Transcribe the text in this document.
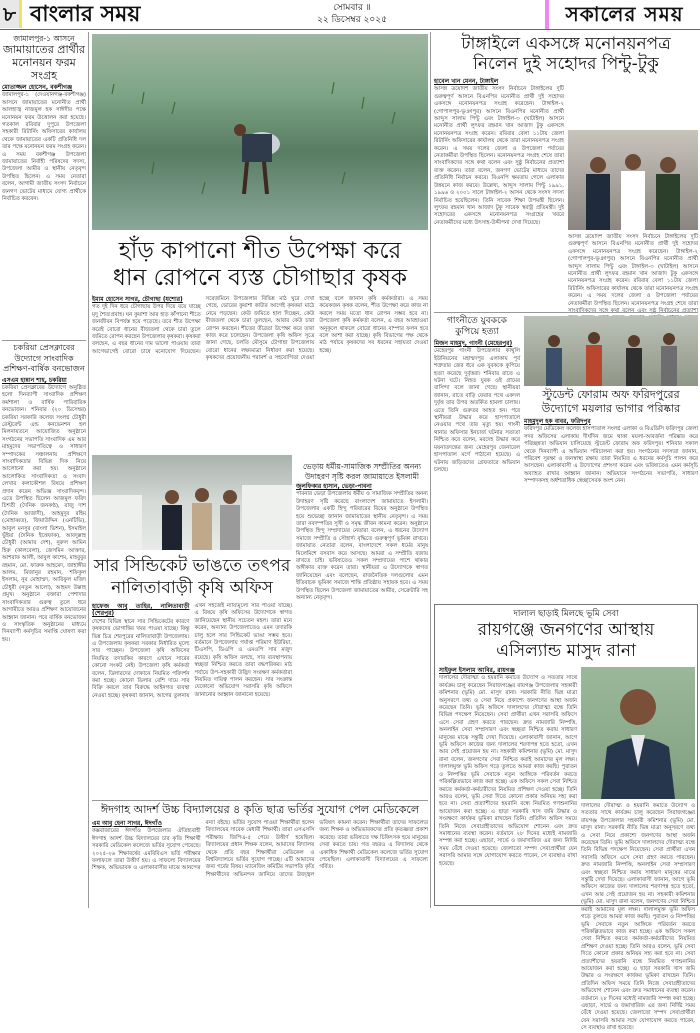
৮ বাংলার সময়	সোমবার ॥
২২ ডিসেম্বর ২০২৫	সকালের সময়
জামালপুর-১ আসনে
জামায়াতের প্রার্থীর মনোনয়ন ফরম সংগ্রহ
মোতাজ্জল হোসেন, বকশীগঞ্জ
জামালপুর-১ (দেওয়ানগঞ্জ-বকশীগঞ্জ) আসনে জামায়াতের মনোনীত প্রার্থী আলহাজ্ব নাজমুল হক সাঈদীর পক্ষে মনোনয়ন ফরম উত্তোলন করা হয়েছে। গতকাল রবিবার দুপুরে উপজেলা সহকারী রিটার্নিং অফিসারের কার্যালয় থেকে জামায়াতের একটি প্রতিনিধি দল তার পক্ষে মনোনয়ন ফরম সংগ্রহ করেন। এ সময় বকশীগঞ্জ উপজেলা জামায়াতের নির্বাহী পরিষদের সদস্য, উপজেলা আমীর ও স্থানীয় নেতৃবৃন্দ উপস্থিত ছিলেন। এ সময় নেতারা বলেন, আগামী জাতীয় সংসদ নির্বাচনে জনগণ ভোটের মাধ্যমে যোগ্য প্রার্থীকে নির্বাচিত করবেন।
চকরিয়া প্রেসক্লাবের উদ্যোগে সাংবাদিক প্রশিক্ষণ-বার্ষিক বনভোজন
এসএম হান্নান শাহ, চকরিয়া
চকরিয়া প্রেসক্লাবের উদ্যোগে অনুষ্ঠিত হলো দিনব্যাপী সাংবাদিক প্রশিক্ষণ কর্মশালা ও বার্ষিক পারিবারিক বনভোজন। শনিবার (২০ ডিসেম্বর) চকরিয়া সরকারি কলেজ সংলগ্ন চৌধুরী রেস্টুরেন্ট এন্ড কনভেনশন হল মিলনায়তনে আয়োজিত অনুষ্ঠানে সংগঠনের সভাপতি সাংবাদিক এম আর মাহমুদের সভাপতিত্বে ও সাধারণ সম্পাদকের সঞ্চালনায় প্রশিক্ষণে সাংবাদিকতার বিভিন্ন দিক নিয়ে আলোচনা করা হয়। অনুষ্ঠানে আলোকিত সাংবাদিকতা ও সংবাদ লেখার কলাকৌশল বিষয়ে প্রশিক্ষণ প্রদান করেন অভিজ্ঞ সাংবাদিকবৃন্দ। এতে উপস্থিত ছিলেন আজমুল ফরিদ চিশতী (দৈনিক জনকণ্ঠ), রাজু দাশ (দৈনিক আজাদী), আহমুদুর রহিম (মোহাব্বত), জিয়াউদ্দিন (এনটিভি), আবুল মনসুর (বাংলা ভিশন), ইসমাইল ভুঁইয়া (দৈনিক ইত্তেফাক), আবদুল্লাহ চৌধুরী (আমার দেশ), নুরুল আমিন হিরু (কালবেলা), জেসমিন আক্তার, আশরাফ আলী, আবুল কাশেম, মাহবুবুর রহমান, মো. ফারুক আহমেদ, জাহাঙ্গীর আলম, মিজানুর রহমান, শফিকুল ইসলাম, নুর মোহাম্মদ, আরিফুল মজিদ চৌধুরী (নতুন আলো), আহমদ উল্লাহ প্রমুখ। অনুষ্ঠানে বক্তারা পেশাদার সাংবাদিকতার গুরুত্ব তুলে ধরে আগামীতে আরও প্রশিক্ষণ আয়োজনের আহ্বান জানান। পরে বার্ষিক বনভোজন ও সাংস্কৃতিক অনুষ্ঠানের মাধ্যমে দিনব্যাপী কর্মসূচির সমাপ্তি ঘোষণা করা হয়।
হাঁড় কাপানো শীত উপেক্ষা করে
ধান রোপনে ব্যস্ত চৌগাছার কৃষক
ইমাম হোসেন সাগর, চৌগাছা (যশোর)
গত দুই দিন ধরে চৌগাছায় উপর দিয়ে বয়ে যাচ্ছে মৃদু শৈত্যপ্রবাহ। ঘন কুয়াশা আর হাড় কাঁপানো শীতে জনজীবন বিপর্যস্ত হয়ে পড়েছে। তবে শীত উপেক্ষা করেই বোরো ধানের বীজতলা থেকে চারা তুলে জমিতে রোপন করছেন উপজেলার কৃষকরা। কৃষকরা বলছেন, এ বছর ধানের দাম ভালো পাওয়ায় তারা আগেভাগেই বোরো চাষে মনোযোগ দিয়েছেন। সরেজমিনে উপজেলার বিভিন্ন মাঠ ঘুরে দেখা গেছে, ভোরের কুয়াশা কাটার আগেই কৃষকরা মাঠে নেমে পড়ছেন। কেউ জমিতে হাল দিচ্ছেন, কেউ বীজতলা থেকে চারা তুলছেন, আবার কেউ চারা রোপন করছেন। শীতের তীব্রতা উপেক্ষা করে তারা কাজ করে চলেছেন। উপজেলা কৃষি অফিস সূত্রে জানা গেছে, চলতি মৌসুমে চৌগাছা উপজেলায় বোরো ধানের লক্ষ্যমাত্রা নির্ধারণ করা হয়েছে। কৃষকদের প্রয়োজনীয় পরামর্শ ও সহযোগিতা দেওয়া হচ্ছে বলে জানান কৃষি কর্মকর্তারা। এ সময় কয়েকজন কৃষক বলেন, শীত উপেক্ষা করে কাজ না করলে সময় মতো ধান রোপন সম্ভব হবে না। উপজেলা কৃষি কর্মকর্তা বলেন, এ বছর আবহাওয়া অনুকূলে থাকলে বোরো ধানের বাম্পার ফলন হবে বলে আশা করা যাচ্ছে। কৃষি বিভাগের পক্ষ থেকে মাঠ পর্যায়ে কৃষকদের সব ধরনের সহায়তা দেওয়া হচ্ছে।
ভেড়ায় ধর্মীয়-সামাজিক সম্প্রীতির অনন্য উদাহরণ সৃষ্টি করল জামায়াতে ইসলামী
জুলফিকার হাসান, ভেড়া-পাবনা
পাবনার ভেড়া উপজেলায় ধর্মীয় ও সামাজিক সম্প্রীতির অনন্য উদাহরণ সৃষ্টি করেছে বাংলাদেশ জামায়াতে ইসলামী। উপজেলার একটি হিন্দু পরিবারের বিয়ের অনুষ্ঠানে উপস্থিত হয়ে শুভেচ্ছা জানান জামায়াতের স্থানীয় নেতৃবৃন্দ। এ সময় তারা নবদম্পতির সুখী ও সমৃদ্ধ জীবন কামনা করেন। অনুষ্ঠানে উপস্থিত হিন্দু সম্প্রদায়ের নেতারা বলেন, এ ধরনের উদ্যোগ সমাজে সম্প্রীতি ও সৌহার্দ্য বৃদ্ধিতে গুরুত্বপূর্ণ ভূমিকা রাখবে। জামায়াত নেতারা বলেন, বাংলাদেশে সকল ধর্মের মানুষ মিলেমিশে বসবাস করে আসছে। আমরা এ সম্প্রীতি বজায় রাখতে চাই। ভবিষ্যতেও সকল সম্প্রদায়ের পাশে থাকার অঙ্গীকার ব্যক্ত করেন তারা। স্থানীয়রা এ উদ্যোগকে স্বাগত জানিয়েছেন এবং বলেছেন, রাজনৈতিক দলগুলোর এমন ইতিবাচক ভূমিকা সমাজে শান্তি প্রতিষ্ঠায় সহায়ক হবে। এ সময় উপস্থিত ছিলেন উপজেলা জামায়াতের আমীর, সেক্রেটারি সহ অন্যান্য নেতৃবৃন্দ।
সার সিন্ডিকেট ভাঙতে তৎপর
নালিতাবাড়ী কৃষি অফিস
হাফেজ আবু তাহির, নালিতাবাড়ী (শেরপুর)
দেশের বিভিন্ন স্থানে সার সিন্ডিকেটের কারণে কৃষকদের ভোগান্তির খবর পাওয়া যাচ্ছে। কিন্তু ভিন্ন চিত্র শেরপুরের নালিতাবাড়ী উপজেলায়। এ উপজেলায় কৃষকরা সরকার নির্ধারিত মূল্যে সার পাচ্ছেন। উপজেলা কৃষি অফিসের নিয়মিত তদারকির কারণে এখানে সারের কোনো সংকট নেই। উপজেলা কৃষি কর্মকর্তা বলেন, ডিলারদের দোকানে নিয়মিত পরিদর্শন করা হচ্ছে। কোনো ডিলার বেশি দামে সার বিক্রি করলে তার বিরুদ্ধে আইনগত ব্যবস্থা নেওয়া হচ্ছে। কৃষকরা জানান, আগের তুলনায় এখন সহজেই ন্যায্যমূল্যে সার পাওয়া যাচ্ছে। এ বিষয়ে কৃষি অফিসের উদ্যোগকে স্বাগত জানিয়েছেন স্থানীয় সচেতন মহল। তারা মনে করেন, অন্যান্য উপজেলাতেও এমন তদারকি চালু হলে সার সিন্ডিকেট ভাঙা সম্ভব হবে। বর্তমানে উপজেলায় পর্যাপ্ত পরিমাণ ইউরিয়া, টিএসপি, ডিএপি ও এমওপি সার মজুদ রয়েছে। কৃষি অফিস বলছে, সার ব্যবস্থাপনায় স্বচ্ছতা নিশ্চিত করতে তারা বদ্ধপরিকর। মাঠ পর্যায়ে উপ-সহকারী উদ্ভিদ সংরক্ষণ কর্মকর্তারা নিয়মিত দায়িত্ব পালন করছেন। সার সংক্রান্ত যেকোনো অভিযোগ সরাসরি কৃষি অফিসে জানানোর আহ্বান জানানো হয়েছে।
ঈদগাহ আদর্শ উচ্চ বিদ্যালয়ের ৪ কৃতি ছাত্র ভর্তির সুযোগ পেল মেডিকেলে
এম আবু হেনা সাগর, ঈদগাঁও
কক্সবাজারের ঈদগাঁও উপজেলার ঐতিহ্যবাহী ঈদগাহ আদর্শ উচ্চ বিদ্যালয়ের চার কৃতি শিক্ষার্থী সরকারি মেডিকেল কলেজে ভর্তির সুযোগ পেয়েছে। ২০২৫-২৬ শিক্ষাবর্ষের এমবিবিএস ভর্তি পরীক্ষার ফলাফলে তারা উত্তীর্ণ হয়। এ সাফল্যে বিদ্যালয়ের শিক্ষক, অভিভাবক ও এলাকাবাসীর মাঝে আনন্দের বন্যা বইছে। ভর্তির সুযোগ পাওয়া শিক্ষার্থীরা হলেন বিদ্যালয়ের সাবেক মেধাবী শিক্ষার্থী। তারা এসএসসি পরীক্ষায় জিপিএ-৫ পেয়ে উত্তীর্ণ হয়েছিল। বিদ্যালয়ের প্রধান শিক্ষক বলেন, আমাদের বিদ্যালয় থেকে প্রতি বছর শিক্ষার্থীরা মেডিকেল ও বিশ্ববিদ্যালয়ে ভর্তির সুযোগ পাচ্ছে। এটি আমাদের জন্য গর্বের বিষয়। ম্যানেজিং কমিটির সভাপতি কৃতি শিক্ষার্থীদের অভিনন্দন জানিয়ে তাদের উজ্জ্বল ভবিষ্যৎ কামনা করেন। শিক্ষার্থীরা তাদের সাফল্যের জন্য শিক্ষক ও অভিভাবকদের প্রতি কৃতজ্ঞতা প্রকাশ করেছে। তারা ভবিষ্যতে দক্ষ চিকিৎসক হয়ে মানুষের সেবা করতে চায়। গত বছরও এ বিদ্যালয় থেকে একাধিক শিক্ষার্থী মেডিকেল কলেজে ভর্তির সুযোগ পেয়েছিল। এলাকাবাসী বিদ্যালয়ের এ সাফল্যে গর্বিত।
টাঙ্গাইলে একসঙ্গে মনোনয়নপত্র
নিলেন দুই সহোদর পিন্টু-টুকু
হাবেল খান মেনন, টাঙ্গাইল
আসন্ন ত্রয়োদশ জাতীয় সংসদ নির্বাচনে টাঙ্গাইলের দুটি গুরুত্বপূর্ণ আসনে বিএনপির মনোনীত প্রার্থী দুই সহোদর একসঙ্গে মনোনয়নপত্র সংগ্রহ করেছেন। টাঙ্গাইল-২ (গোপালপুর-ভূঞাপুর) আসনে বিএনপির মনোনীত প্রার্থী আব্দুস সালাম পিন্টু এবং টাঙ্গাইল-৩ (ঘাটাইল) আসনে মনোনীত প্রার্থী লুৎফর রহমান খান আজাদ টুকু একসঙ্গে মনোনয়নপত্র সংগ্রহ করেন। রবিবার বেলা ১১টায় জেলা রিটার্নিং অফিসারের কার্যালয় থেকে তারা মনোনয়নপত্র সংগ্রহ করেন। এ সময় দলের জেলা ও উপজেলা পর্যায়ের নেতাকর্মীরা উপস্থিত ছিলেন। মনোনয়নপত্র সংগ্রহ শেষে তারা সাংবাদিকদের সঙ্গে কথা বলেন এবং সুষ্ঠু নির্বাচনের প্রত্যাশা ব্যক্ত করেন। তারা বলেন, জনগণ ভোটের মাধ্যমে তাদের প্রতিনিধি নির্বাচন করবে। বিএনপি ক্ষমতায় গেলে এলাকার উন্নয়নে কাজ করবে। উল্লেখ্য, আব্দুস সালাম পিন্টু ১৯৯১, ১৯৯৬ ও ২০০১ সালে টাঙ্গাইল-২ আসন থেকে সংসদ সদস্য নির্বাচিত হয়েছিলেন। তিনি সাবেক শিক্ষা উপমন্ত্রী ছিলেন। লুৎফর রহমান খান আজাদ টুকু সাবেক স্বরাষ্ট্র প্রতিমন্ত্রী। দুই সহোদরের একসঙ্গে মনোনয়নপত্র সংগ্রহের খবরে নেতাকর্মীদের মধ্যে উৎসাহ-উদ্দীপনা দেখা দিয়েছে।
আসন্ন ত্রয়োদশ জাতীয় সংসদ নির্বাচনে টাঙ্গাইলের দুটি গুরুত্বপূর্ণ আসনে বিএনপির মনোনীত প্রার্থী দুই সহোদর একসঙ্গে মনোনয়নপত্র সংগ্রহ করেছেন। টাঙ্গাইল-২ (গোপালপুর-ভূঞাপুর) আসনে বিএনপির মনোনীত প্রার্থী আব্দুস সালাম পিন্টু এবং টাঙ্গাইল-৩ (ঘাটাইল) আসনে মনোনীত প্রার্থী লুৎফর রহমান খান আজাদ টুকু একসঙ্গে মনোনয়নপত্র সংগ্রহ করেন। রবিবার বেলা ১১টায় জেলা রিটার্নিং অফিসারের কার্যালয় থেকে তারা মনোনয়নপত্র সংগ্রহ করেন। এ সময় দলের জেলা ও উপজেলা পর্যায়ের নেতাকর্মীরা উপস্থিত ছিলেন। মনোনয়নপত্র সংগ্রহ শেষে তারা
গাংনীতে যুবককে কুপিয়ে হত্যা
মিজন মাহমুদ, গাংনী (মেহেরপুর)
মেহেরপুর গাংনী উপজেলার কাথুলি ইউনিয়নের মহাম্মদপুর এলাকায় পূর্ব শত্রুতার জের ধরে এক যুবককে কুপিয়ে হত্যা করেছে দুর্বৃত্তরা। শনিবার রাতে এ ঘটনা ঘটে। নিহত যুবক ওই গ্রামের বাসিন্দা বলে জানা গেছে। স্থানীয়রা জানান, রাতে বাড়ি ফেরার পথে একদল দুর্বৃত্ত তার উপর অতর্কিত হামলা চালায়। এতে তিনি গুরুতর আহত হন। পরে স্থানীয়রা উদ্ধার করে হাসপাতালে নেওয়ার পথে তার মৃত্যু হয়। গাংনী থানার অফিসার ইনচার্জ ঘটনার সত্যতা নিশ্চিত করে বলেন, মরদেহ উদ্ধার করে ময়নাতদন্তের জন্য মেহেরপুর জেনারেল হাসপাতাল মর্গে পাঠানো হয়েছে। এ ঘটনায় জড়িতদের গ্রেফতারে অভিযান চলছে।
স্টুডেন্ট ফোরাম অফ ফরিদপুরের
উদ্যোগে ময়লার ভাগার পরিষ্কার
মাহমুদুল হক বাবর, ফরিদপুর
ফরিদপুর মেডিকেল কলেজ হাসপাতাল সংলগ্ন এলাকা ও বিএডিসি ফরিদপুর জেলা সদর অফিসের এলাকায় দীর্ঘদিন জমে থাকা ময়লা-আবর্জনা পরিষ্কার করে পরিচ্ছন্নতা অভিযান চালিয়েছে স্টুডেন্ট ফোরাম অফ ফরিদপুর। শনিবার সকাল থেকে দিনব্যাপী এ অভিযান পরিচালনা করা হয়। সংগঠনের সদস্যরা জানান, পরিবেশ সুরক্ষা ও জনস্বাস্থ্য রক্ষায় তারা নিয়মিত এ ধরনের কর্মসূচি পালন করে আসছেন। এলাকাবাসী এ উদ্যোগের প্রশংসা করেন এবং ভবিষ্যতেও এমন কর্মসূচি অব্যাহত রাখার আহ্বান জানান। অভিযানে সংগঠনের সভাপতি, সাধারণ সম্পাদকসহ অর্ধশতাধিক স্বেচ্ছাসেবক অংশ নেন।
দালাল ছাড়াই মিলছে ভূমি সেবা
রায়গঞ্জে জনগণের আস্থায়
এসিল্যান্ড মাসুদ রানা
সাইফুল ইসলাম আবির, রায়গঞ্জ
দালালের দৌরাত্ম্য ও হয়রানি কমাতে উদ্যোগ ও সততার সাথে কার্যক্রম চালু করেছেন সিরাজগঞ্জের রায়গঞ্জ উপজেলার সহকারী কমিশনার (ভূমি) মো. মাসুদ রানা। সরকারি নীতি ভিন্ন মাত্রা অনুসরণে তথ্য ও সেবা নিয়ে প্রকাশ্যে জনগণের আস্থা অর্জন করেছেন তিনি। ভূমি অফিসে দালালদের দৌরাত্ম্য বন্ধে তিনি বিভিন্ন পদক্ষেপ নিয়েছেন। সেবা প্রার্থীরা এখন সরাসরি অফিসে এসে সেবা গ্রহণ করতে পারছেন। দ্রুত নামজারি নিষ্পত্তি, অনলাইন সেবা সম্প্রসারণ এবং স্বচ্ছতা নিশ্চিত করায় সাধারণ মানুষের মাঝে সন্তুষ্টি দেখা দিয়েছে। এলাকাবাসী জানান, আগে ভূমি অফিসে কাজের জন্য দালালের শরণাপন্ন হতে হতো, এখন আর সেই প্রয়োজন হয় না। সহকারী কমিশনার (ভূমি) মো. মাসুদ রানা বলেন, জনগণের সেবা নিশ্চিত করাই আমাদের মূল লক্ষ্য। দালালমুক্ত ভূমি অফিস গড়ে তুলতে আমরা কাজ করছি। পুরাতন ও নিষ্পত্তির ভূমি সেবাকে নতুন আঙ্গিকে পরিবর্তন করতে পরিকল্পিতভাবে কাজ করা হচ্ছে। এক অফিসে সকল সেবা নিশ্চিত করতে কর্মকর্তা-কর্মচারীদের নিয়মিত প্রশিক্ষণ দেওয়া হচ্ছে। তিনি আরও বলেন, ভূমি সেবা দিতে কোনো প্রকার অনিয়ম সহ্য করা হবে না। সেবা প্রত্যাশীদের হয়রানি বন্ধে নিয়মিত গণশুনানির আয়োজন করা হচ্ছে। এ ছাড়া সরকারি খাস জমি উদ্ধার ও সংরক্ষণে কার্যকর ভূমিকা রাখছেন তিনি। প্রতিদিন অফিস সময়ে তিনি নিজে সেবাগ্রহীতাদের অভিযোগ শোনেন এবং দ্রুত সমাধানের ব্যবস্থা করেন। বর্তমানে ২৮ দিনের মধ্যেই নামজারি সম্পন্ন করা হচ্ছে। এছাড়া, সার্ভে ও জমাখারিজ এর জন্য নির্দিষ্ট সময় বেঁধে দেওয়া হয়েছে। জেলাতো সম্পদ সেবাপ্রার্থীরা যেন সরাসরি আমার সঙ্গে যোগাযোগ করতে পারেন, সে ব্যবস্থাও রাখা হয়েছে।
দালালের দৌরাত্ম্য ও হয়রানি কমাতে উদ্যোগ ও সততার সাথে কার্যক্রম চালু করেছেন সিরাজগঞ্জের রায়গঞ্জ উপজেলার সহকারী কমিশনার (ভূমি) মো. মাসুদ রানা। সরকারি নীতি ভিন্ন মাত্রা অনুসরণে তথ্য ও সেবা নিয়ে প্রকাশ্যে জনগণের আস্থা অর্জন করেছেন তিনি। ভূমি অফিসে দালালদের দৌরাত্ম্য বন্ধে তিনি বিভিন্ন পদক্ষেপ নিয়েছেন। সেবা প্রার্থীরা এখন সরাসরি অফিসে এসে সেবা গ্রহণ করতে পারছেন। দ্রুত নামজারি নিষ্পত্তি, অনলাইন সেবা সম্প্রসারণ এবং স্বচ্ছতা নিশ্চিত করায় সাধারণ মানুষের মাঝে সন্তুষ্টি দেখা দিয়েছে। এলাকাবাসী জানান, আগে ভূমি অফিসে কাজের জন্য দালালের শরণাপন্ন হতে হতো, এখন আর সেই প্রয়োজন হয় না। সহকারী কমিশনার (ভূমি) মো. মাসুদ রানা বলেন, জনগণের সেবা নিশ্চিত করাই আমাদের মূল লক্ষ্য। দালালমুক্ত ভূমি অফিস গড়ে তুলতে আমরা কাজ করছি। পুরাতন ও নিষ্পত্তির ভূমি সেবাকে নতুন আঙ্গিকে পরিবর্তন করতে পরিকল্পিতভাবে কাজ করা হচ্ছে। এক অফিসে সকল সেবা নিশ্চিত করতে কর্মকর্তা-কর্মচারীদের নিয়মিত প্রশিক্ষণ দেওয়া হচ্ছে। তিনি আরও বলেন, ভূমি সেবা দিতে কোনো প্রকার অনিয়ম সহ্য করা হবে না। সেবা প্রত্যাশীদের হয়রানি বন্ধে নিয়মিত গণশুনানির আয়োজন করা হচ্ছে। এ ছাড়া সরকারি খাস জমি উদ্ধার ও সংরক্ষণে কার্যকর ভূমিকা রাখছেন তিনি। প্রতিদিন অফিস সময়ে তিনি নিজে সেবাগ্রহীতাদের অভিযোগ শোনেন এবং দ্রুত সমাধানের ব্যবস্থা করেন। বর্তমানে ২৮ দিনের মধ্যেই নামজারি সম্পন্ন করা হচ্ছে। এছাড়া, সার্ভে ও জমাখারিজ এর জন্য নির্দিষ্ট সময় বেঁধে দেওয়া হয়েছে। জেলাতো সম্পদ সেবাপ্রার্থীরা যেন সরাসরি আমার সঙ্গে যোগাযোগ করতে পারেন, সে ব্যবস্থাও রাখা হয়েছে।
